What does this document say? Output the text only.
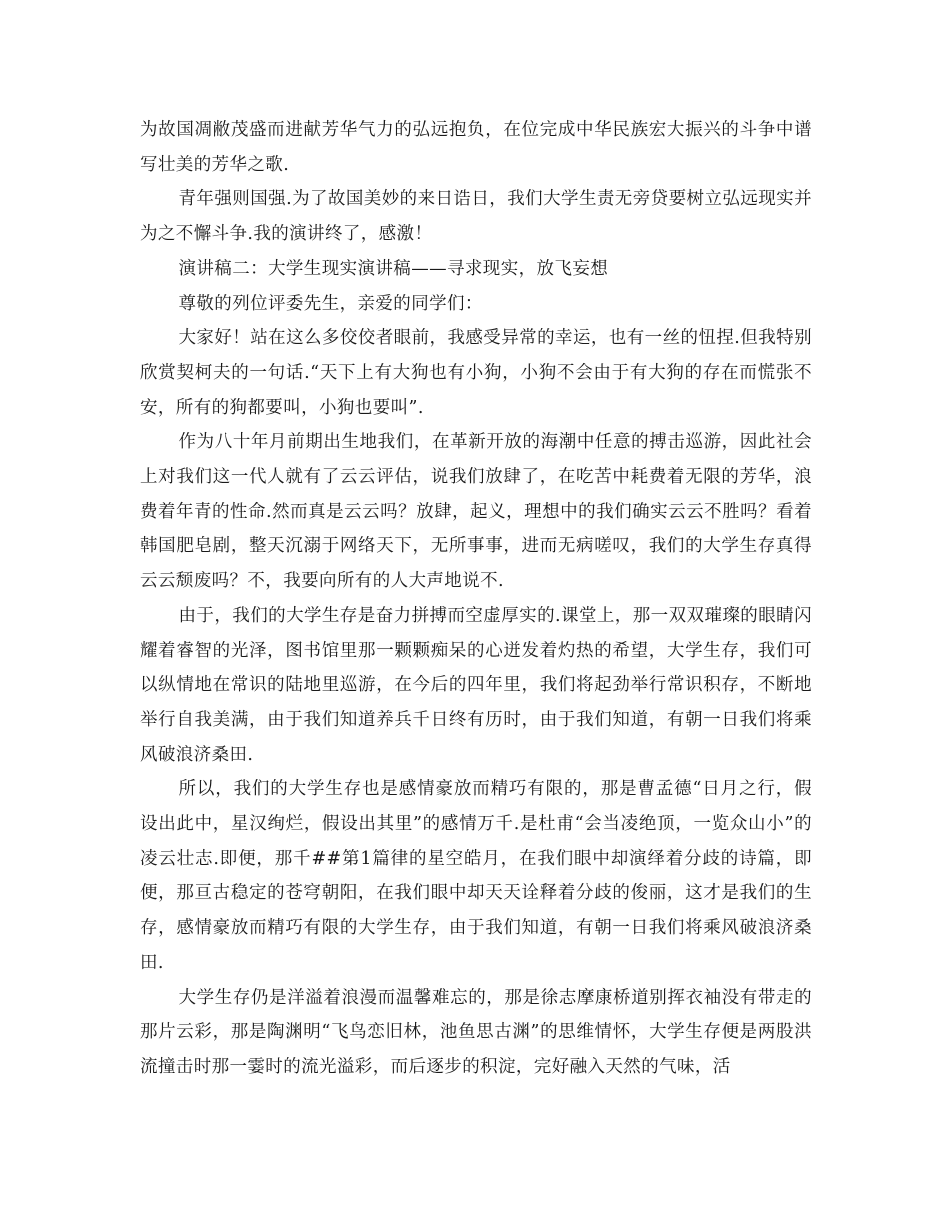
为故国凋敝茂盛而进献芳华气力的弘远抱负，在位完成中华民族宏大振兴的斗争中谱写壮美的芳华之歌.

青年强则国强.为了故国美妙的来日诰日，我们大学生责无旁贷要树立弘远现实并为之不懈斗争.我的演讲终了，感激！

演讲稿二：大学生现实演讲稿——寻求现实，放飞妄想

尊敬的列位评委先生，亲爱的同学们：

大家好！站在这么多佼佼者眼前，我感受异常的幸运，也有一丝的忸捏.但我特别欣赏契柯夫的一句话.“天下上有大狗也有小狗，小狗不会由于有大狗的存在而慌张不安，所有的狗都要叫，小狗也要叫”.

作为八十年月前期出生地我们，在革新开放的海潮中任意的搏击巡游，因此社会上对我们这一代人就有了云云评估，说我们放肆了，在吃苦中耗费着无限的芳华，浪费着年青的性命.然而真是云云吗？放肆，起义，理想中的我们确实云云不胜吗？看着韩国肥皂剧，整天沉溺于网络天下，无所事事，进而无病嗟叹，我们的大学生存真得云云颓废吗？不，我要向所有的人大声地说不.

由于，我们的大学生存是奋力拼搏而空虚厚实的.课堂上，那一双双璀璨的眼睛闪耀着睿智的光泽，图书馆里那一颗颗痴呆的心迸发着灼热的希望，大学生存，我们可以纵情地在常识的陆地里巡游，在今后的四年里，我们将起劲举行常识积存，不断地举行自我美满，由于我们知道养兵千日终有历时，由于我们知道，有朝一日我们将乘风破浪济桑田.

所以，我们的大学生存也是感情豪放而精巧有限的，那是曹孟德“日月之行，假设出此中，星汉绚烂，假设出其里”的感情万千.是杜甫“会当凌绝顶，一览众山小”的凌云壮志.即便，那千##第1篇律的星空皓月，在我们眼中却演绎着分歧的诗篇，即便，那亘古稳定的苍穹朝阳，在我们眼中却天天诠释着分歧的俊丽，这才是我们的生存，感情豪放而精巧有限的大学生存，由于我们知道，有朝一日我们将乘风破浪济桑田.

大学生存仍是洋溢着浪漫而温馨难忘的，那是徐志摩康桥道别挥衣袖没有带走的那片云彩，那是陶渊明“飞鸟恋旧林，池鱼思古渊”的思维情怀，大学生存便是两股洪流撞击时那一霎时的流光溢彩，而后逐步的积淀，完好融入天然的气味，活
